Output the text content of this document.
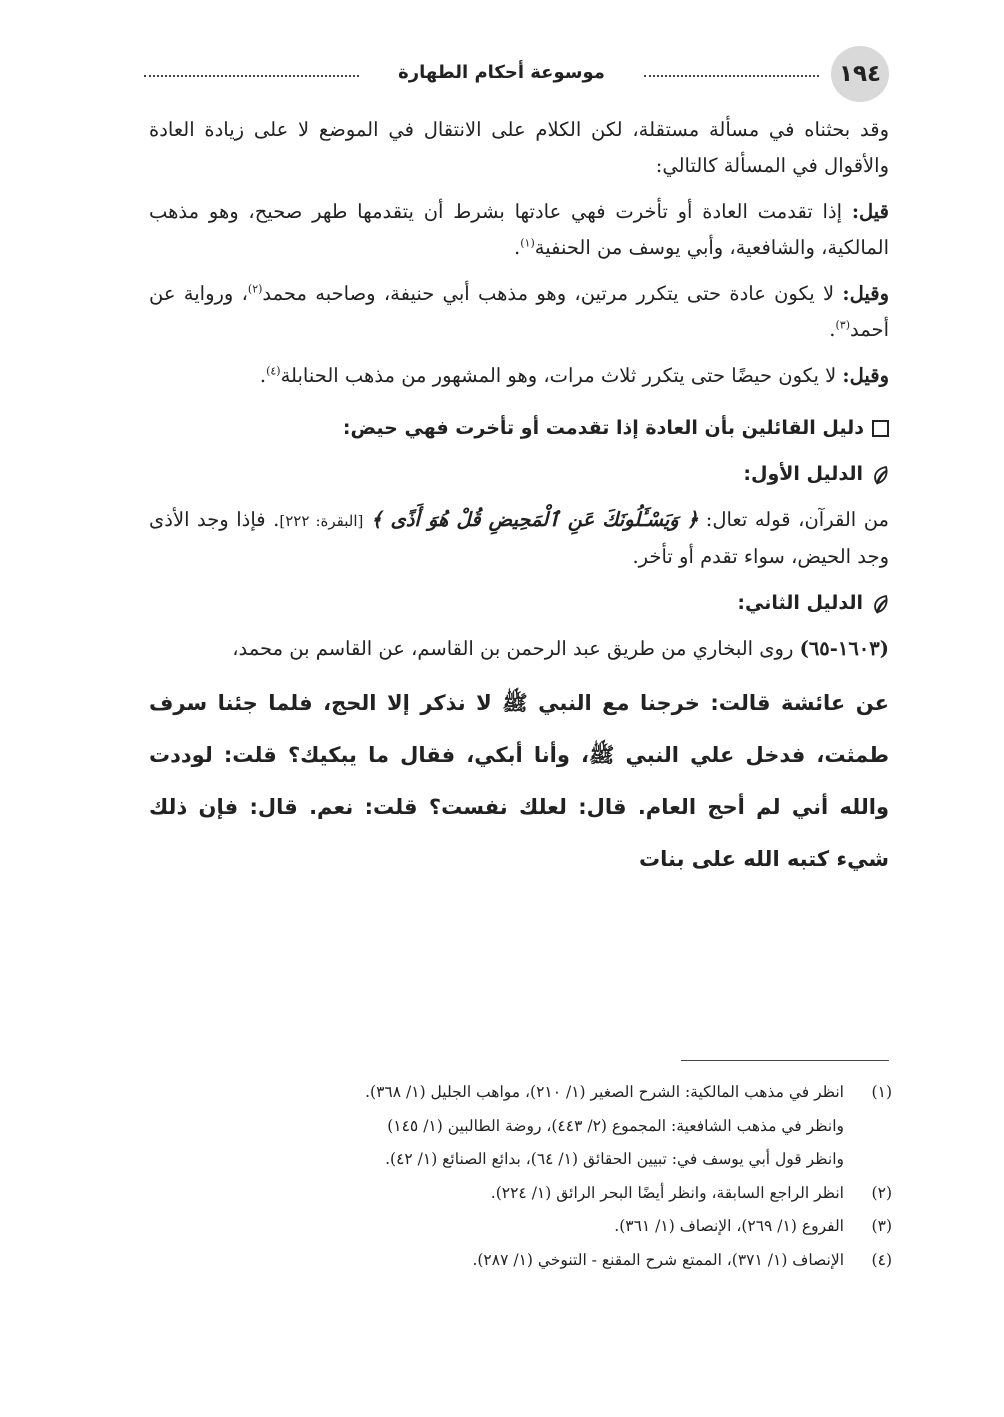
١٩٤
موسوعة أحكام الطهارة

وقد بحثناه في مسألة مستقلة، لكن الكلام على الانتقال في الموضع لا على زيادة العادة والأقوال في المسألة كالتالي:

قيل: إذا تقدمت العادة أو تأخرت فهي عادتها بشرط أن يتقدمها طهر صحيح، وهو مذهب المالكية، والشافعية، وأبي يوسف من الحنفية$^{(١)}$.

وقيل: لا يكون عادة حتى يتكرر مرتين، وهو مذهب أبي حنيفة، وصاحبه محمد$^{(٢)}$، ورواية عن أحمد$^{(٣)}$.

وقيل: لا يكون حيضًا حتى يتكرر ثلاث مرات، وهو المشهور من مذهب الحنابلة$^{(٤)}$.

دليل القائلين بأن العادة إذا تقدمت أو تأخرت فهي حيض:
الدليل الأول:

من القرآن، قوله تعال: ﴿ وَيَسْـَٔلُونَكَ عَنِ ٱلْمَحِيضِ قُلْ هُوَ أَذًى ﴾ [البقرة: ٢٢٢]. فإذا وجد الأذى وجد الحيض، سواء تقدم أو تأخر.

الدليل الثاني:

(١٦٠٣-٦٥) روى البخاري من طريق عبد الرحمن بن القاسم، عن القاسم بن محمد،

عن عائشة قالت: خرجنا مع النبي ﷺ لا نذكر إلا الحج، فلما جئنا سرف طمثت، فدخل علي النبي ﷺ، وأنا أبكي، فقال ما يبكيك؟ قلت: لوددت والله أني لم أحج العام. قال: لعلك نفست؟ قلت: نعم. قال: فإن ذلك شيء كتبه الله على بنات
(١)
انظر في مذهب المالكية: الشرح الصغير (١/ ٢١٠)، مواهب الجليل (١/ ٣٦٨).
وانظر في مذهب الشافعية: المجموع (٢/ ٤٤٣)، روضة الطالبين (١/ ١٤٥)
وانظر قول أبي يوسف في: تبيين الحقائق (١/ ٦٤)، بدائع الصنائع (١/ ٤٢).
(٢)
انظر الراجع السابقة، وانظر أيضًا البحر الرائق (١/ ٢٢٤).
(٣)
الفروع (١/ ٢٦٩)، الإنصاف (١/ ٣٦١).
(٤)
الإنصاف (١/ ٣٧١)، الممتع شرح المقنع - التنوخي (١/ ٢٨٧).
